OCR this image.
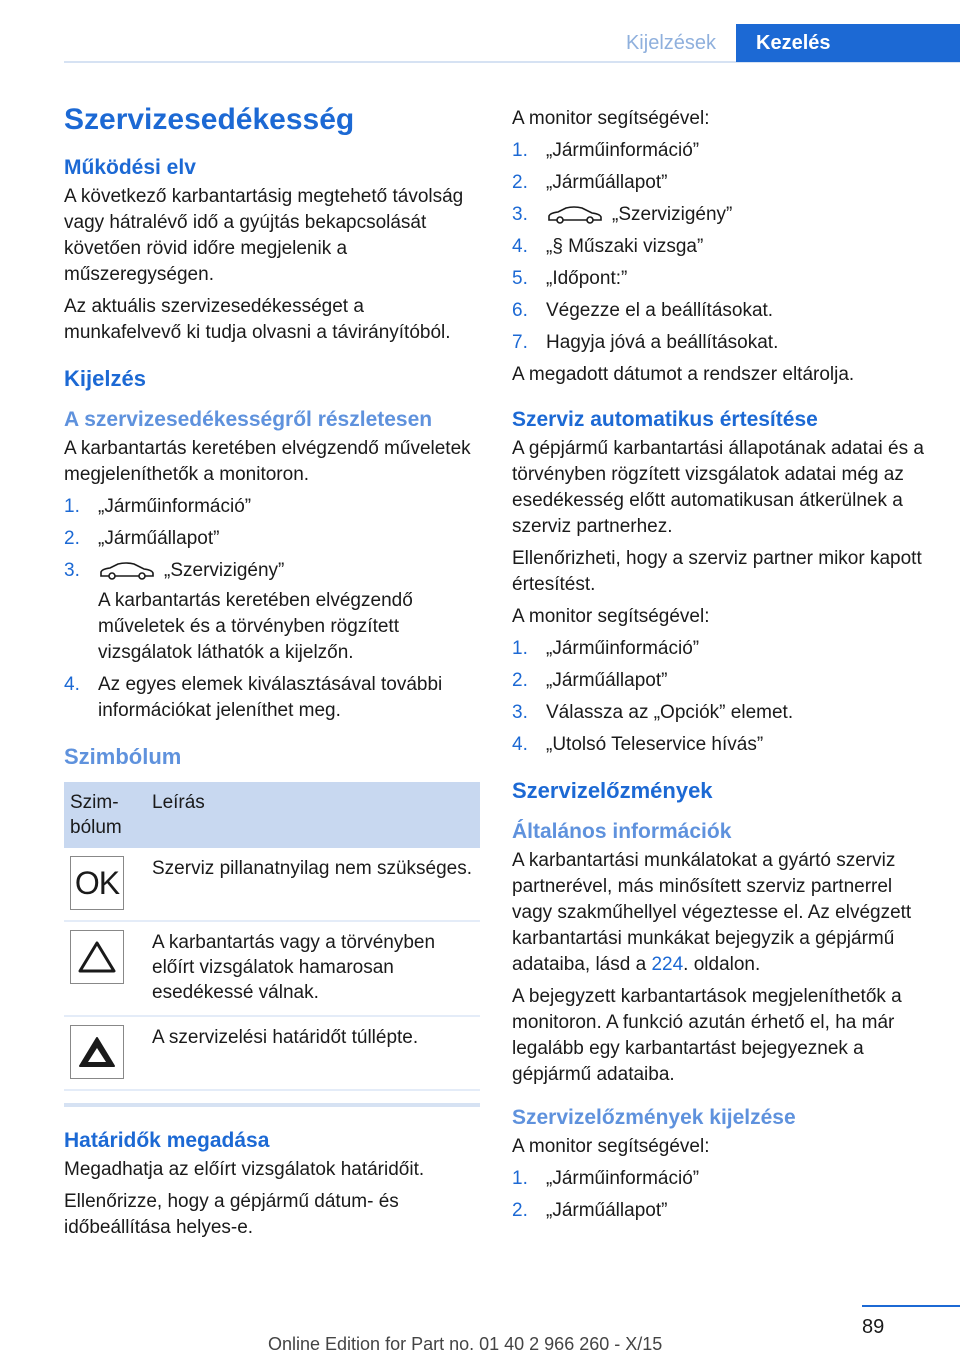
Kijelzések	Kezelés
Szervizesedékesség
Működési elv

A következő karbantartásig megtehető távolság vagy hátralévő idő a gyújtás bekapcsolását követően rövid időre megjelenik a műszeregységen.

Az aktuális szervizesedékességet a munkafelvevő ki tudja olvasni a távirányítóból.

Kijelzés
A szervizesedékességről részletesen

A karbantartás keretében elvégzendő műveletek megjeleníthetők a monitoron.

1. „Járműinformáció”
2. „Járműállapot”
3.	„Szervizigény”
A karbantartás keretében elvégzendő műveletek és a törvényben rögzített vizsgálatok láthatók a kijelzőn.
4. Az egyes elemek kiválasztásával további információkat jeleníthet meg.
Szimbólum
Szim-
bólum	Leírás

OK	Szerviz pillanatnyilag nem szükséges.

	A karbantartás vagy a törvényben előírt vizsgálatok hamarosan esedékessé válnak.

	A szervizelési határidőt túllépte.
Határidők megadása

Megadhatja az előírt vizsgálatok határidőit.

Ellenőrizze, hogy a gépjármű dátum- és időbeállítása helyes-e.

A monitor segítségével:

1. „Járműinformáció”
2. „Járműállapot”
3.	„Szervizigény”
4. „§ Műszaki vizsga”
5. „Időpont:”
6. Végezze el a beállításokat.
7. Hagyja jóvá a beállításokat.

A megadott dátumot a rendszer eltárolja.

Szerviz automatikus értesítése

A gépjármű karbantartási állapotának adatai és a törvényben rögzített vizsgálatok adatai még az esedékesség előtt automatikusan átkerülnek a szerviz partnerhez.

Ellenőrizheti, hogy a szerviz partner mikor kapott értesítést.

A monitor segítségével:

1. „Járműinformáció”
2. „Járműállapot”
3. Válassza az „Opciók” elemet.
4. „Utolsó Teleservice hívás”
Szervizelőzmények
Általános információk

A karbantartási munkálatokat a gyártó szerviz partnerével, más minősített szerviz partnerrel vagy szakműhellyel végeztesse el. Az elvégzett karbantartási munkákat bejegyzik a gépjármű adataiba, lásd a 224. oldalon.

A bejegyzett karbantartások megjeleníthetők a monitoron. A funkció azután érhető el, ha már legalább egy karbantartást bejegyeznek a gépjármű adataiba.

Szervizelőzmények kijelzése

A monitor segítségével:

1. „Járműinformáció”
2. „Járműállapot”
89
Online Edition for Part no. 01 40 2 966 260 - X/15
